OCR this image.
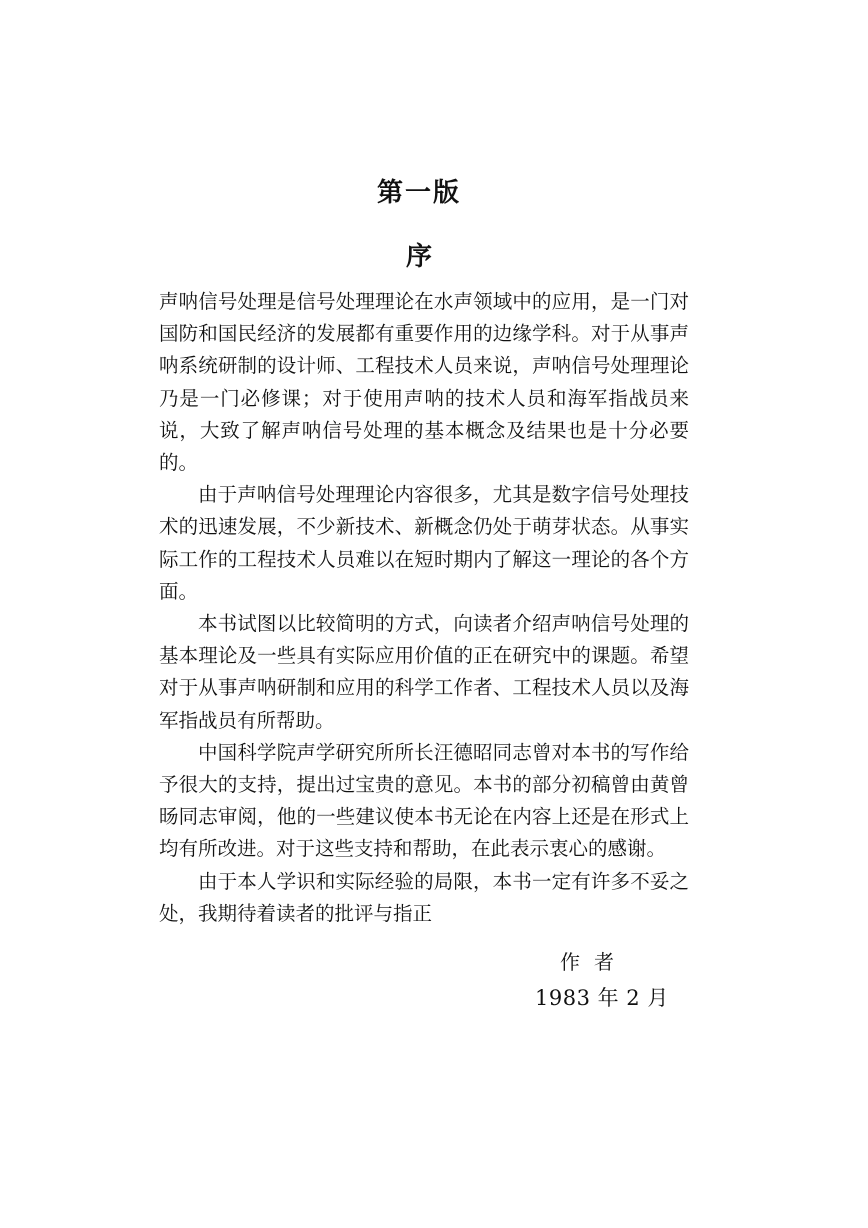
第一版
序

声呐信号处理是信号处理理论在水声领域中的应用，是一门对国防和国民经济的发展都有重要作用的边缘学科。对于从事声呐系统研制的设计师、工程技术人员来说，声呐信号处理理论乃是一门必修课；对于使用声呐的技术人员和海军指战员来说，大致了解声呐信号处理的基本概念及结果也是十分必要的。

由于声呐信号处理理论内容很多，尤其是数字信号处理技术的迅速发展，不少新技术、新概念仍处于萌芽状态。从事实际工作的工程技术人员难以在短时期内了解这一理论的各个方面。

本书试图以比较简明的方式，向读者介绍声呐信号处理的基本理论及一些具有实际应用价值的正在研究中的课题。希望对于从事声呐研制和应用的科学工作者、工程技术人员以及海军指战员有所帮助。

中国科学院声学研究所所长汪德昭同志曾对本书的写作给予很大的支持，提出过宝贵的意见。本书的部分初稿曾由黄曾旸同志审阅，他的一些建议使本书无论在内容上还是在形式上均有所改进。对于这些支持和帮助，在此表示衷心的感谢。

由于本人学识和实际经验的局限，本书一定有许多不妥之处，我期待着读者的批评与指正

作者
1983 年 2 月
